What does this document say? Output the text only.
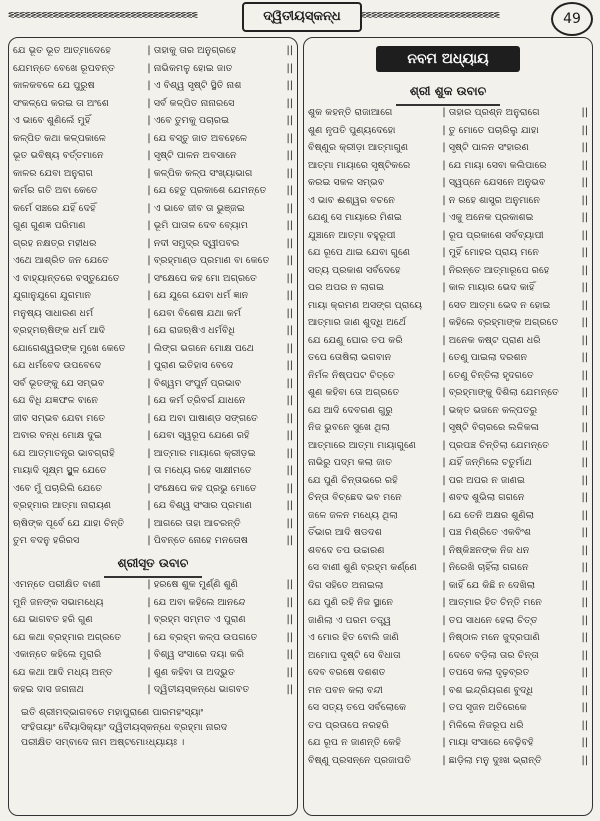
ᓬᓬᓬᓬᓬᓬᓬᓬᓬᓬᓬᓬᓬᓬᓬᓬᓬᓬᓬᓬᓬᓬᓬᓬᓬᓬᓬᓬᓬᓬᓬᓬᓬᓬ	ଦ୍ୱିତୀୟସ୍କନ୍ଧ	ᓬᓬᓬᓬᓬᓬᓬᓬᓬᓬᓬᓬᓬᓬᓬᓬᓬᓬᓬᓬᓬᓬᓬᓬᓬ	49
ଯେ ଭୂତ ଭୂତ ଆତ୍ମାଦେହେ	| ତାହାକୁ ତାର ଅନୁଗ୍ରହେ	||
ଯେମନ୍ତେ ବେଖେ ରୂପବନ୍ତ	| ନାଭିକମଳୁ ହୋଇ ଜାତ	||
କାଳକବଳେ ଯେ ପୁରୁଷ	| ଏ ବିଶ୍ୱ ସୃଷ୍ଟି ସ୍ଥିତି ନାଶ	||
ସଂକଳ୍ପେ କରଇ ତା ଅଂଶେ	| ସର୍ବ କଳ୍ପିତ ନାନାରସେ	||
ଏ ଭାବେ ଶୁଣିଲେଁ ମୁହିଁ	| ଏବେ ତୁମକୁ ପଚାରଇ	||
କଳ୍ପିତ କଥା କଳ୍ପକାଳେ	| ଯେ ବସ୍ତୁ ଜାତ ଅବହେଳେ	||
ଭୂତ ଭବିଷ୍ୟ ବର୍ତ୍ତମାନେ	| ସୃଷ୍ଟି ପାଳନ ଅବସାନେ	||
କାଳର ଯେବା ଅନୁରାଗ	| କଳ୍ପିକ କଳ୍ପ ସଂଖ୍ୟାଭାଗ	||
କର୍ମର ଗତି ଅବା କେତେ	| ଯେ ହେତୁ ପ୍ରକାଶେ ଯେମନ୍ତେ	||
କର୍ମେ ସଞ୍ଚରେ ଯହିଁ ଦେହିଁ	| ଏ ଭାବେ ଜୀବ ତା ଭୁଞ୍ଜଇ	||
ଗୁଣ ଗୁଣଜ୍ଞ ପରିମାଣ	| ଭୂମି ପାତାଳ ଦେବ ବ୍ୟୋମ	||
ଗ୍ରହ ନକ୍ଷତ୍ର ମହୀଧର	| ନଦୀ ସମୁଦ୍ର ଦ୍ୱୀପବର	||
ଏଥେ ଆଶ୍ରିତ ଜନ ଯେତେ	| ବ୍ରହ୍ମାଣ୍ଡ ପ୍ରମାଣ ବା କେତେ	||
ଏ ବାହ୍ୟାନ୍ତରେ ବସ୍ତୁଯେତେ	| ସଂକ୍ଷେପେ କହ ମୋ ଅଗ୍ରତେ	||
ଯୁଗାନୁଯୁଗେ ଯୁଗମାନ	| ଯେ ଯୁଗେ ଯେବା ଧର୍ମ ଜ୍ଞାନ	||
ମନୁଷ୍ୟ ସାଧାରଣ ଧର୍ମ	| ଯେବା ବିଶେଷ ଯଥା କର୍ମ	||
ବ୍ରହ୍ମଋଷିଙ୍କ ଧର୍ମ ଆଦି	| ଯେ ରାଜଋଷିଏ ଧର୍ମବିଧି	||
ଯୋଗେଶ୍ୱରଙ୍କ ମୁଖେ କେତେ	| ଲିଙ୍ଗ ଭଗନେ ମୋକ୍ଷ ପଥେ	||
ଯେ ଧର୍ମବେଦ ଉପବେଦେ	| ପୁରାଣ ଇତିହାସ ବେଦେ	||
ସର୍ବ ଭୂତଙ୍କୁ ଯେ ସମ୍ଭବ	| ବିଶ୍ୱମ ସଂପୁର୍ନ ପ୍ରଭାବ	||
ଯେ ବିଧି ଯଜ୍ଞଫଳ ବାନେ	| ଯେ କର୍ମ ତ୍ରିବର୍ଗ ଯାଧନେ	||
ଜୀବ ସମ୍ଭବ ଯେବା ମତେ	| ଯେ ଅବା ପାଷାଣ୍ଡ ସଙ୍ଗତେ	||
ଅବାର ବନ୍ଧ ମୋକ୍ଷ ଦୁଇ	| ଯେବା ସ୍ୱରୂପ ଯେଣେ ରହି	||
ଯେ ଆତ୍ମାତନ୍ତ୍ର ଭାବଗ୍ରାହି	| ଆତ୍ମାର ମାୟାରେ କ୍ରୀଡ଼ଇ	||
ମାୟାଦି ସୂକ୍ଷ୍ମ ସ୍ଥୁଳ ଯେତେ	| ତା ମଧ୍ୟେ ରହେ ସାକ୍ଷୀମତେ	||
ଏବେ ମୁଁ ପଚାରିଲି ଯେତେ	| ସଂକ୍ଷେପେ କହ ପ୍ରଭୁ ମୋତେ	||
ବ୍ରହ୍ମାର ଆତ୍ମା ନାରାୟଣ	| ଯେ ବିଶ୍ୱ ସଂସାର ପ୍ରମାଣ	||
ଋଷିଙ୍କ ପୂର୍ବେ ଯେ ଯାହା ଚିନ୍ତି	| ଆଗରେ ତାହା ଆଚରନ୍ତି	||
ତୁମ ବଦନୁ ହରିରସ	| ପିବନ୍ତେ ନୋହେ ମନତୋଷ	||
ଶ୍ରୀସୂତ ଉବାଚ
ଏମନ୍ତେ ପରୀକ୍ଷିତ ବାଣୀ	| ହରଷେ ଶୁକ ମୁର୍ଣ୍ଣି ଶୁଣି	||
ମୁନି ଜନଙ୍କ ସଭାମଧ୍ୟେ	| ଯେ ଅବା କହିଲେ ଆନନ୍ଦେ	||
ଯେ ଭାଗବତ ହରି ଗୁଣ	| ବ୍ରହ୍ମ ସମ୍ମତ ଏ ପୁରାଣ	||
ଯେ କଥା ବ୍ରହ୍ମାର ଅଗ୍ରତେ	| ଯେ ବ୍ରହ୍ମ କଳ୍ପ ଉପଗତେ	||
ଏକାନ୍ତେ କହିଲେ ମୁରାରି	| ବିଶ୍ୱ ସଂସାରେ ଦୟା କରି	||
ଯେ କଥା ଆଦି ମଧ୍ୟ ଅନ୍ତ	| ଶୁଣ କହିବା ତା ଅଦ୍ଭୁତ	||
କହଇ ଦାସ ଜଗନାଥ	| ଦ୍ୱିତୀୟସ୍କନ୍ଧେ ଭାଗବତ	||
ଇତି ଶ୍ରୀମଦ୍ଭାଗବତେ ମହାପୁରାଣେ ପାରମହଂସ୍ୟାଂ
ସଂହିତାୟାଂ ବୈୟାସିକ୍ୟାଂ ଦ୍ୱିତୀୟସ୍କନ୍ଧେ ବ୍ରହ୍ମା ନାରଦ
ପରୀକ୍ଷିତ ସମ୍ବାଦେ ନାମ ଅଷ୍ଟମୋଽଧ୍ୟାୟଃ ।
ନବମ ଅଧ୍ୟାୟ
ଶ୍ରୀ ଶୁକ ଉବାଚ
ଶୁକ କହନ୍ତି ରାଜାଆଗେ	| ତାହାର ପ୍ରଶ୍ନ ଅନୁରାଗେ	||
ଶୁଣ ନୃପତି ପୁଣ୍ୟଦେହୋ	| ତୁ ମୋତେ ପଚାରିଲୁ ଯାହା	||
ବିଷ୍ଣୁର କ୍ରୀଡ଼ା ଆତ୍ମାଗୁଣ	| ସୃଷ୍ଟି ପାଳନ ସଂହାରଣ	||
ଆତ୍ମା ମାୟାରେ ସୃଷ୍ଟିକରେ	| ଯେ ମାୟା ସେବା କଲିପାରେ	||
କରଇ ସକଳ ସମ୍ଭବ	| ସ୍ୱପ୍ନେ ଯେସନେ ଅନୁଭବ	||
ଏ ଭାବ ଈଶ୍ୱର ବଚନେ	| ନ ରହେ ଶାସ୍ତ୍ର ଅନୁମାନେ	||
ଯେଣୁ ସେ ମାୟାରେ ମିଶଇ	| ଏକୁ ଅନେକ ପ୍ରକାଶଇ	||
ଯୁଞ୍ଚାନେ ଆତ୍ମା ବହୁରୂପୀ	| ରୂପ ପ୍ରକାଶେ ସର୍ବବ୍ୟାପୀ	||
ଯେ ରୂପେ ଥାଇ ଯେବା ଗୁଣେ	| ମୁହିଁ ମୋହର ପ୍ରାୟ ମନେ	||
ସତ୍ୟ ପ୍ରକାଶ ସର୍ବଦେହେ	| ନିରନ୍ତେ ଆତ୍ମାରୂପେ ରହେ	||
ପର ଅପର ନ ଲାଗଇ	| କାଳ ମାୟାର ଭେଦ କାହିଁ	||
ମାୟା କ୍ରମଣ ଅସଙ୍ଗ ପ୍ରାୟେ	| ସେତ ଆତ୍ମା ଭେଦ ନ ହୋଇ	||
ଆତ୍ମାର ଜାଣ ଶୁଦ୍ଧି ଅର୍ଥେ	| କହିଲେ ବ୍ରହ୍ମାଙ୍କ ଅଗ୍ରତେ	||
ଯେ ଯେଣୁ ଘୋର ତପ କରି	| ଅନେକ କଷ୍ଟ ପ୍ରାଣ ଧରି	||
ତପେ ତୋଷିଲା ଭଗବାନ	| ତେଣୁ ପାଇଲା ଦରଶନ	||
ନିର୍ମଳ ନିଷ୍ପପଟ ଚିତ୍ତେ	| ତେଣୁ ଚିନ୍ତିଲା ହୃଦଗତେ	||
ଶୁଣ କହିବା ତୋ ଅଗ୍ରତେ	| ବ୍ରହ୍ମାଙ୍କୁ ଦିଶିଲା ଯେମନ୍ତେ	||
ଯେ ଆଦି ଦେବଗଣ ଗୁରୁ	| ଭକ୍ତ ଭଜନେ କଳ୍ପତରୁ	||
ନିଜ ଭୁବନେ ସୁଖେ ଥିଲା	| ସୃଷ୍ଟି ବିଚାରରେ ଲଳିକଳା	||
ଆତ୍ମାରେ ଆତ୍ମା ମାୟାଗୁଣେ	| ପ୍ରପଞ୍ଚ ଚିନ୍ତିଲା ଯେମନ୍ତେ	||
ନାଭିରୁ ପଦ୍ମ କଲା ଜାତ	| ଯହିଁ ଜନ୍ମିଲେ ଚତୁର୍ମାଥ	||
ଯେ ପୁଣି ଚିନ୍ତାଭରେ ରହି	| ପର ଅପର ନ ଜାଣଇ	||
ଚିନ୍ତା ବିଚ୍ଛେଦ ଭବ ମନେ	| ଶବଦ ଶୁଭିଲା ଗଗନେ	||
ଜଳେ ଜଳନ ମଧ୍ୟେ ଥିଲା	| ଯେ ତେନି ଅକ୍ଷର ଶୁଣିଲା	||
ତିଁଭାର ଆଦି ଷଡଦଶ	| ପଞ୍ଚ ମିଶ୍ରିତେ ଏକବିଂଶ	||
ଶବଦେ ତପ ଉଚ୍ଚାରଣ	| ନିଷ୍କିଞ୍ଚନଙ୍କ ନିଜ ଧନ	||
ସେ ବାଣୀ ଶୁଣି ବ୍ରହ୍ମ କର୍ଣ୍ଣେ	| ନିରେଖି ଚାହିଁଲା ଗଗନେ	||
ଦିଗ ସହିତେ ଅନାଇଲା	| କାହିଁ ଯେ କିଛି ନ ଦେଖିଲା	||
ଯେ ପୁଣି ରହି ନିଜ ସ୍ଥାନେ	| ଆତ୍ମାର ହିତ ଚିନ୍ତି ମନେ	||
ଜାଣିଲା ଏ ପରମ ତତ୍ତ୍ୱ	| ତପ ସାଧନେ ହେଲା ଚିତ୍ତ	||
ଏ ମୋର ହିତ ବୋଲି ଜାଣି	| ନିଷ୍ଠାଳ ମନେ ଜୁଦ୍ରପାଣି	||
ଅମୋଘ ଦୃଷ୍ଟି ସେ ବିଧାତା	| ଦେବେ ବଡ଼ିଲା ତାର ଚିନ୍ତା	||
ଦେବ ବରଷେ ଦଶଶତ	| ତପସେ କଲା ଦୃଢ଼ବ୍ରତ	||
ମନ ପବନ କଲା ବନ୍ଦୀ	| ବଶ ଇନ୍ଦ୍ରିୟଗଣ ବୁଦ୍ଧି	||
ସେ ସତ୍ୟ ତପେ ସର୍ବଲୋକେ	| ତପ ସୃଜନ ଅତିରେକେ	||
ତପ ପ୍ରତାପେ ନରହରି	| ମିଳିଲେ ନିଜରୂପ ଧରି	||
ଯେ ରୂପ ନ ଜାଣନ୍ତି କେହି	| ମାୟା ସଂସାରେ ବେଢ଼ିବହି	||
ବିଷ୍ଣୁ ପ୍ରସନ୍ନେ ପ୍ରଜାପତି	| ଛାଡ଼ିଲା ମନୁ ଦୁଃଖ ଭ୍ରାନ୍ତି	||
